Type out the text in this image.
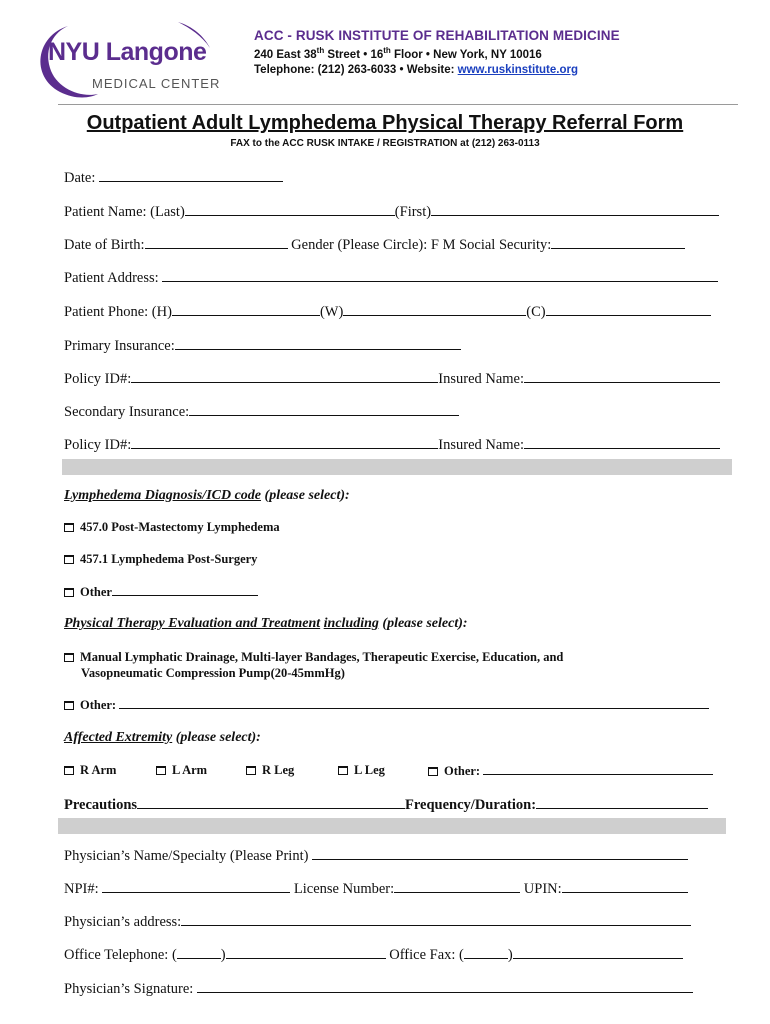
NYU Langone
MEDICAL CENTER
ACC - RUSK INSTITUTE OF REHABILITATION MEDICINE
240 East 38th Street • 16th Floor • New York, NY 10016
Telephone: (212) 263-6033 • Website: www.ruskinstitute.org
Outpatient Adult Lymphedema Physical Therapy Referral Form
FAX to the ACC RUSK INTAKE / REGISTRATION at (212) 263-0113
Date:
Patient Name: (Last)	(First)
Date of Birth:	Gender (Please Circle): F M Social Security:
Patient Address:
Patient Phone: (H)	(W)	(C)
Primary Insurance:
Policy ID#:	Insured Name:
Secondary Insurance:
Policy ID#:	Insured Name:
Lymphedema Diagnosis/ICD code (please select):
457.0 Post-Mastectomy Lymphedema
457.1 Lymphedema Post-Surgery
Other
Physical Therapy Evaluation and Treatment including (please select):
Manual Lymphatic Drainage, Multi-layer Bandages, Therapeutic Exercise, Education, and
Vasopneumatic Compression Pump(20-45mmHg)
Other:
Affected Extremity (please select):
R Arm	L Arm	R Leg	L Leg	Other:
Precautions	Frequency/Duration:
Physician’s Name/Specialty (Please Print)
NPI#:	License Number:	UPIN:
Physician’s address:
Office Telephone: (	)	Office Fax: (	)
Physician’s Signature:
